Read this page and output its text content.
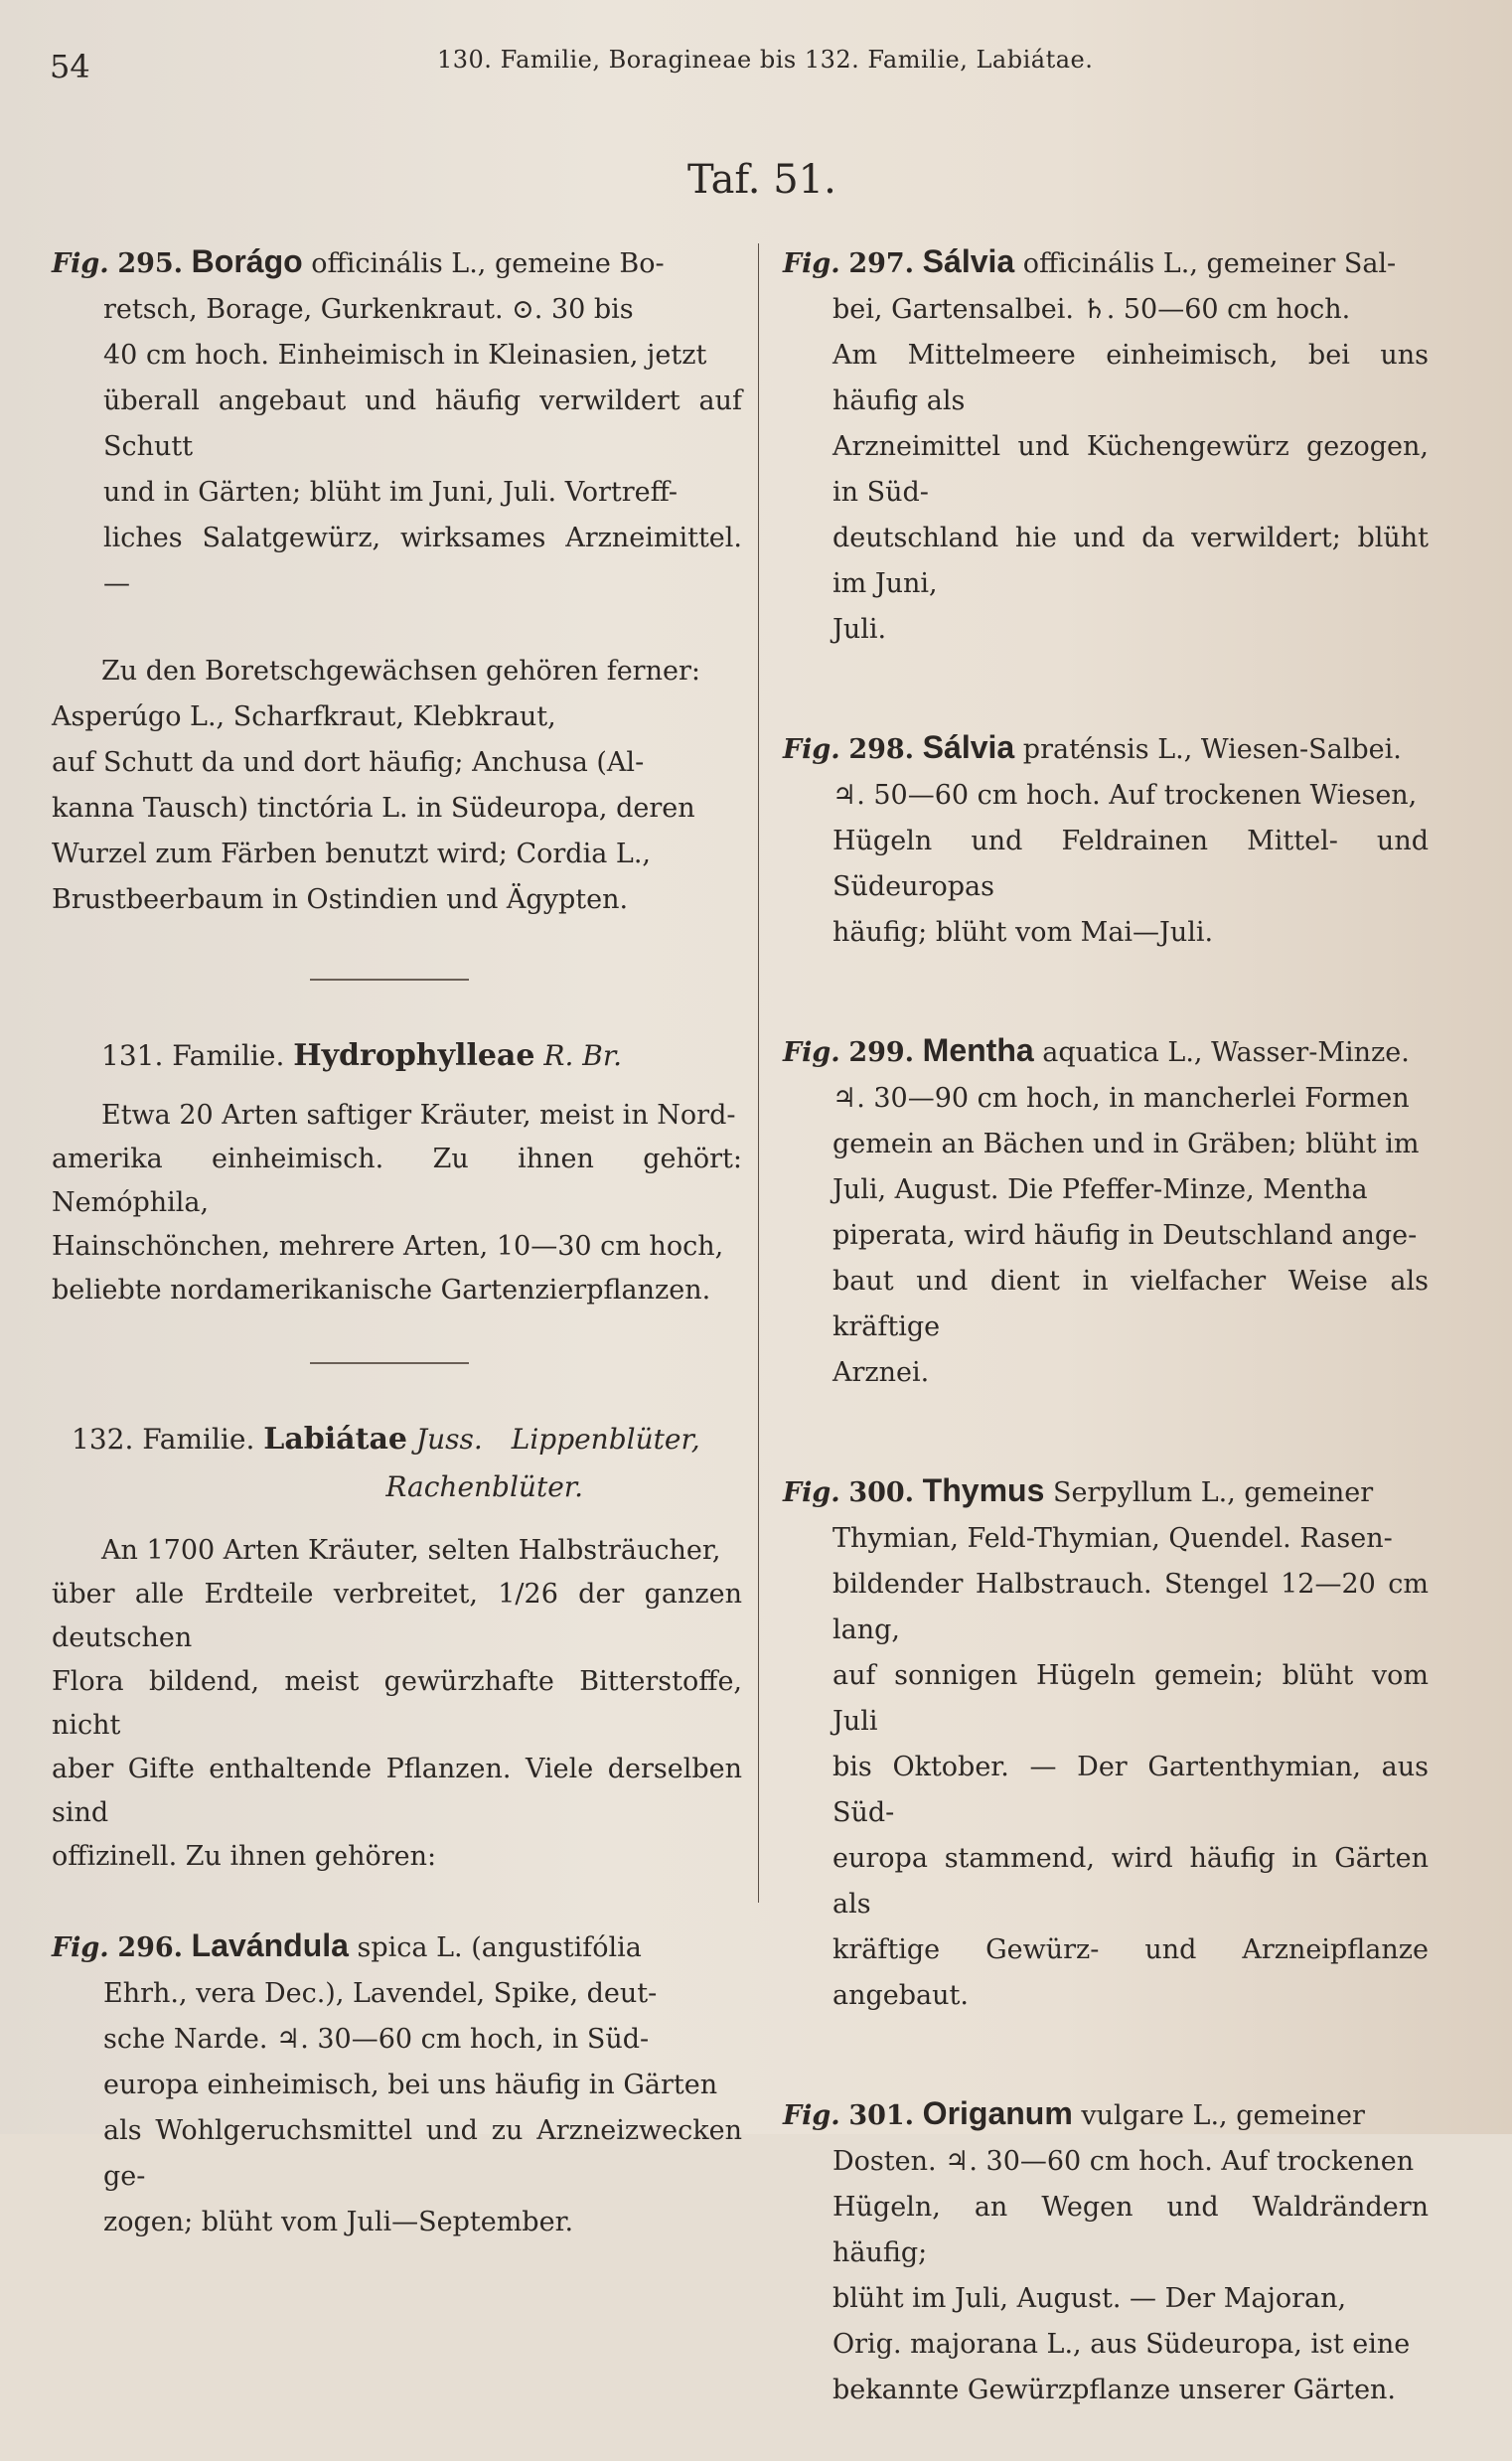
54	130. Familie, Boragineae bis 132. Familie, Labiátae.
Taf. 51.

Fig. 295. Borágo officinális L., gemeine Bo-

retsch, Borage, Gurkenkraut. ⊙. 30 bis

40 cm hoch. Einheimisch in Kleinasien, jetzt

überall angebaut und häufig verwildert auf Schutt

und in Gärten; blüht im Juni, Juli. Vortreff-

liches Salatgewürz, wirksames Arzneimittel. —

Zu den Boretschgewächsen gehören ferner:

Asperúgo L., Scharfkraut, Klebkraut,

auf Schutt da und dort häufig; Anchusa (Al-

kanna Tausch) tinctória L. in Südeuropa, deren

Wurzel zum Färben benutzt wird; Cordia L.,

Brustbeerbaum in Ostindien und Ägypten.

131. Familie. Hydrophylleae R. Br.

Etwa 20 Arten saftiger Kräuter, meist in Nord-

amerika einheimisch. Zu ihnen gehört: Nemóphila,

Hainschönchen, mehrere Arten, 10—30 cm hoch,

beliebte nordamerikanische Gartenzierpflanzen.

132. Familie. Labiátae Juss. Lippenblüter,
Rachenblüter.

An 1700 Arten Kräuter, selten Halbsträucher,

über alle Erdteile verbreitet, 1/26 der ganzen deutschen

Flora bildend, meist gewürzhafte Bitterstoffe, nicht

aber Gifte enthaltende Pflanzen. Viele derselben sind

offizinell. Zu ihnen gehören:

Fig. 296. Lavándula spica L. (angustifólia

Ehrh., vera Dec.), Lavendel, Spike, deut-

sche Narde. ♃. 30—60 cm hoch, in Süd-

europa einheimisch, bei uns häufig in Gärten

als Wohlgeruchsmittel und zu Arzneizwecken ge-

zogen; blüht vom Juli—September.

Fig. 297. Sálvia officinális L., gemeiner Sal-

bei, Gartensalbei. ♄. 50—60 cm hoch.

Am Mittelmeere einheimisch, bei uns häufig als

Arzneimittel und Küchengewürz gezogen, in Süd-

deutschland hie und da verwildert; blüht im Juni,

Juli.

Fig. 298. Sálvia praténsis L., Wiesen-Salbei.

♃. 50—60 cm hoch. Auf trockenen Wiesen,

Hügeln und Feldrainen Mittel- und Südeuropas

häufig; blüht vom Mai—Juli.

Fig. 299. Mentha aquatica L., Wasser-Minze.

♃. 30—90 cm hoch, in mancherlei Formen

gemein an Bächen und in Gräben; blüht im

Juli, August. Die Pfeffer-Minze, Mentha

piperata, wird häufig in Deutschland ange-

baut und dient in vielfacher Weise als kräftige

Arznei.

Fig. 300. Thymus Serpyllum L., gemeiner

Thymian, Feld-Thymian, Quendel. Rasen-

bildender Halbstrauch. Stengel 12—20 cm lang,

auf sonnigen Hügeln gemein; blüht vom Juli

bis Oktober. — Der Gartenthymian, aus Süd-

europa stammend, wird häufig in Gärten als

kräftige Gewürz- und Arzneipflanze angebaut.

Fig. 301. Origanum vulgare L., gemeiner

Dosten. ♃. 30—60 cm hoch. Auf trockenen

Hügeln, an Wegen und Waldrändern häufig;

blüht im Juli, August. — Der Majoran,

Orig. majorana L., aus Südeuropa, ist eine

bekannte Gewürzpflanze unserer Gärten.
